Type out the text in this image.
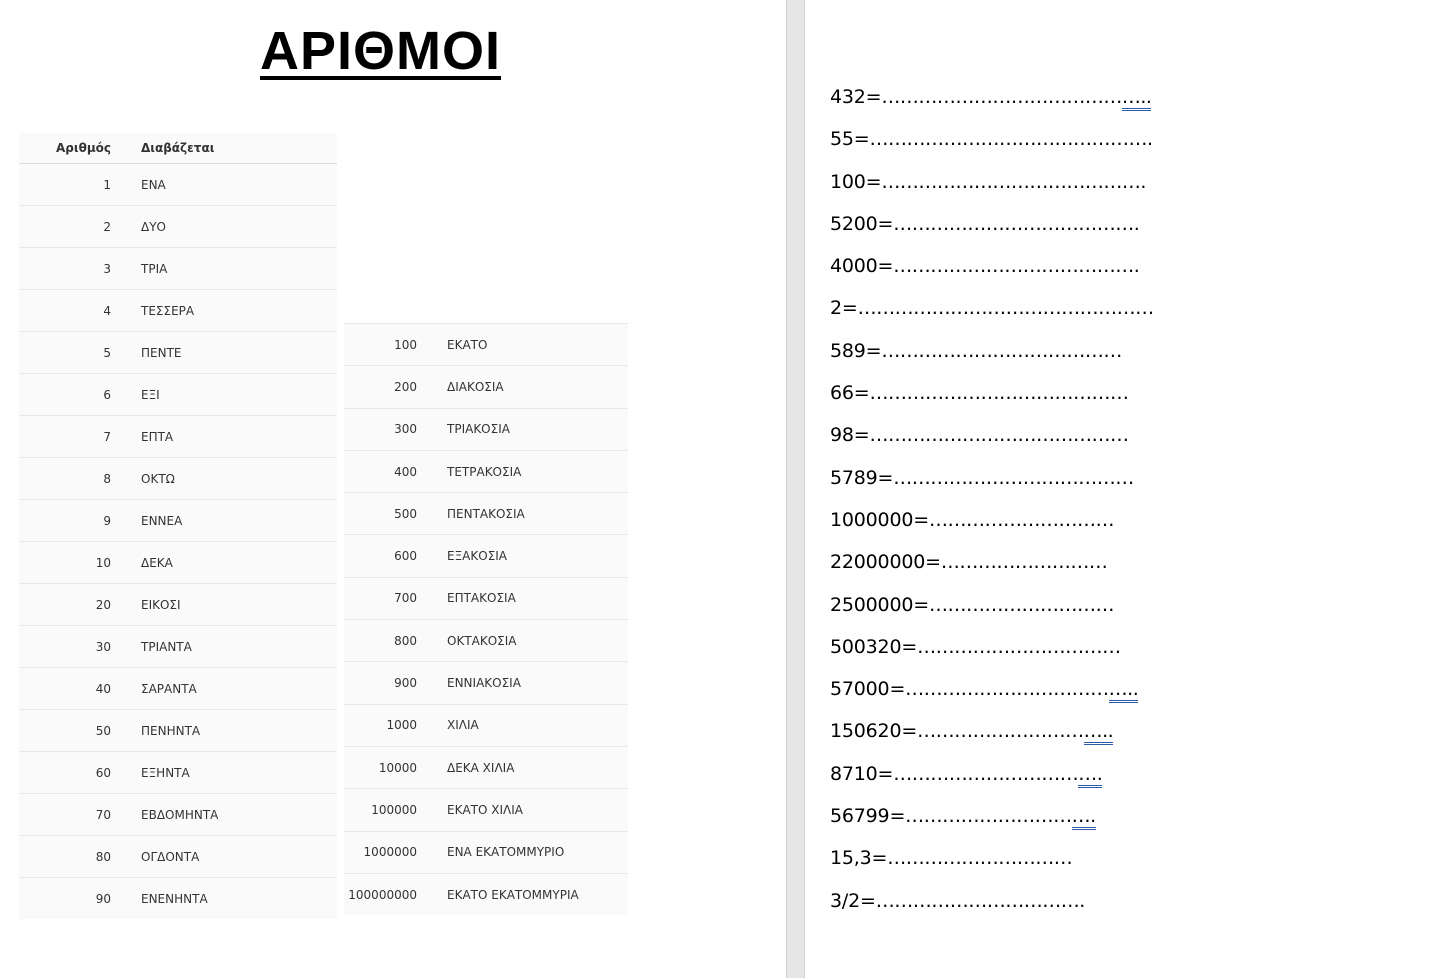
ΑΡΙΘΜΟΙ
Αριθμός	Διαβάζεται
1	ΕΝΑ
2	ΔΥΟ
3	ΤΡΙΑ
4	ΤΕΣΣΕΡΑ
5	ΠΕΝΤΕ
6	ΕΞΙ
7	ΕΠΤΑ
8	ΟΚΤΩ
9	ΕΝΝΕΑ
10	ΔΕΚΑ
20	ΕΙΚΟΣΙ
30	ΤΡΙΑΝΤΑ
40	ΣΑΡΑΝΤΑ
50	ΠΕΝΗΝΤΑ
60	ΕΞΗΝΤΑ
70	ΕΒΔΟΜΗΝΤΑ
80	ΟΓΔΟΝΤΑ
90	ΕΝΕΝΗΝΤΑ
100	ΕΚΑΤΟ
200	ΔΙΑΚΟΣΙΑ
300	ΤΡΙΑΚΟΣΙΑ
400	ΤΕΤΡΑΚΟΣΙΑ
500	ΠΕΝΤΑΚΟΣΙΑ
600	ΕΞΑΚΟΣΙΑ
700	ΕΠΤΑΚΟΣΙΑ
800	ΟΚΤΑΚΟΣΙΑ
900	ΕΝΝΙΑΚΟΣΙΑ
1000	ΧΙΛΙΑ
10000	ΔΕΚΑ ΧΙΛΙΑ
100000	ΕΚΑΤΟ ΧΙΛΙΑ
1000000	ΕΝΑ ΕΚΑΤΟΜΜΥΡΙΟ
100000000	ΕΚΑΤΟ ΕΚΑΤΟΜΜΥΡΙΑ
432=……………………………………..
55=……………………………………….
100=…………………………………….
5200=………………………………….
4000=………………………………….
2=…………………………………………
589=…………………………………
66=……………………………………
98=……………………………………
5789=…………………………………
1000000=…………………………
22000000=………………………
2500000=…………………………
500320=……………………………
57000=………………………………..
150620=…………………………..
8710=…………………………….
56799=………………………….
15,3=…………………………
3/2=…………………………….
